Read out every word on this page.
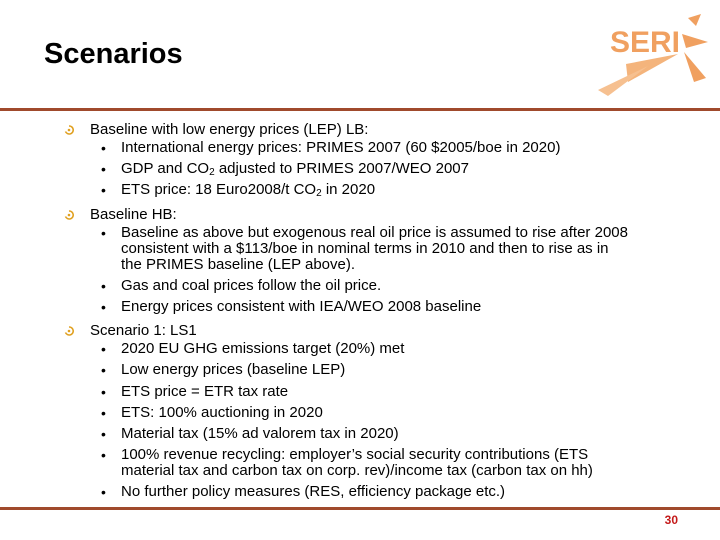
Scenarios	SERI
Baseline with low energy prices (LEP) LB:
• International energy prices: PRIMES 2007 (60 $2005/boe in 2020)
• GDP and $CO_2$ adjusted to PRIMES 2007/WEO 2007
• ETS price: 18 Euro2008/t $CO_2$ in 2020
Baseline HB:
• Baseline as above but exogenous real oil price is assumed to rise after 2008
consistent with a $113/boe in nominal terms in 2010 and then to rise as in
the PRIMES baseline (LEP above).
• Gas and coal prices follow the oil price.
• Energy prices consistent with IEA/WEO 2008 baseline
Scenario 1: LS1
• 2020 EU GHG emissions target (20%) met
• Low energy prices (baseline LEP)
• ETS price = ETR tax rate
• ETS: 100% auctioning in 2020
• Material tax (15% ad valorem tax in 2020)
• 100% revenue recycling: employer’s social security contributions (ETS
material tax and carbon tax on corp. rev)/income tax (carbon tax on hh)
• No further policy measures (RES, efficiency package etc.)
30
